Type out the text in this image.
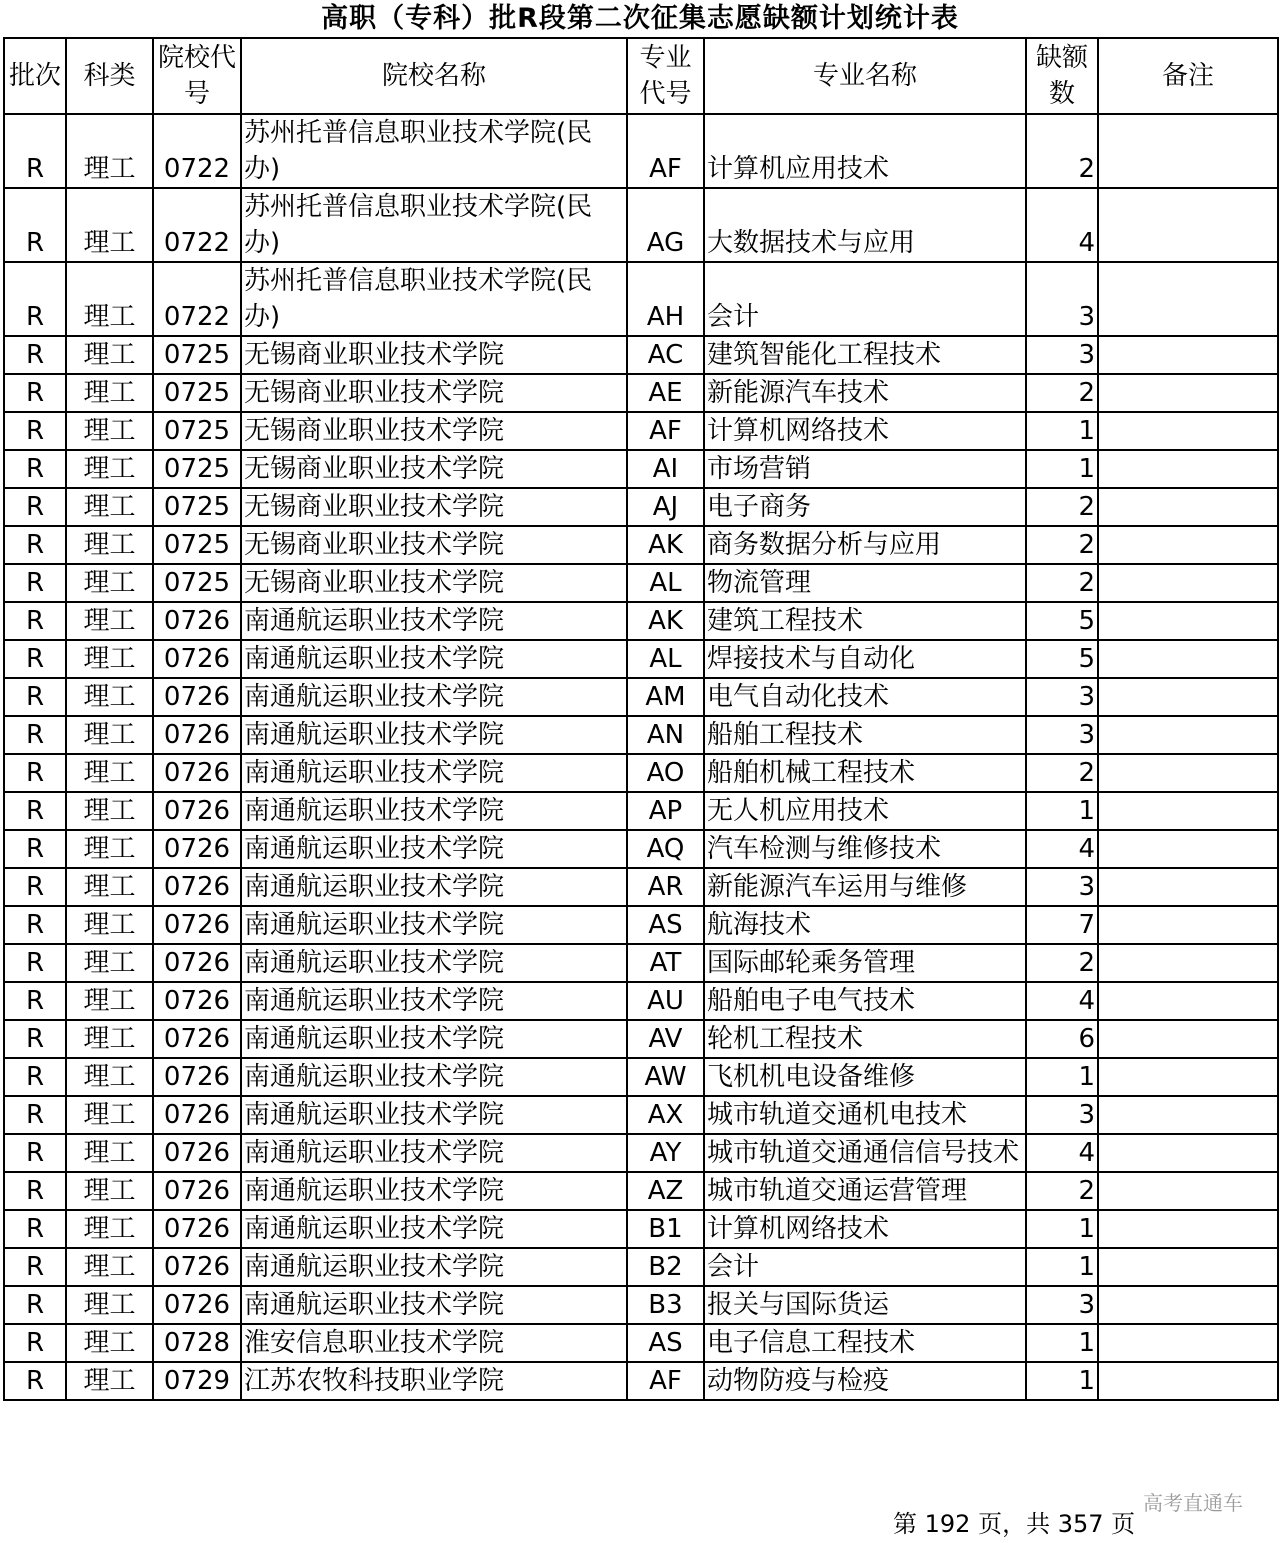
高职（专科）批R段第二次征集志愿缺额计划统计表
批次	科类	院校代号	院校名称	专业代号	专业名称	缺额数	备注
R	理工	0722	苏州托普信息职业技术学院(民办)	AF	计算机应用技术	2	
R	理工	0722	苏州托普信息职业技术学院(民办)	AG	大数据技术与应用	4	
R	理工	0722	苏州托普信息职业技术学院(民办)	AH	会计	3	
R	理工	0725	无锡商业职业技术学院	AC	建筑智能化工程技术	3	
R	理工	0725	无锡商业职业技术学院	AE	新能源汽车技术	2	
R	理工	0725	无锡商业职业技术学院	AF	计算机网络技术	1	
R	理工	0725	无锡商业职业技术学院	AI	市场营销	1	
R	理工	0725	无锡商业职业技术学院	AJ	电子商务	2	
R	理工	0725	无锡商业职业技术学院	AK	商务数据分析与应用	2	
R	理工	0725	无锡商业职业技术学院	AL	物流管理	2	
R	理工	0726	南通航运职业技术学院	AK	建筑工程技术	5	
R	理工	0726	南通航运职业技术学院	AL	焊接技术与自动化	5	
R	理工	0726	南通航运职业技术学院	AM	电气自动化技术	3	
R	理工	0726	南通航运职业技术学院	AN	船舶工程技术	3	
R	理工	0726	南通航运职业技术学院	AO	船舶机械工程技术	2	
R	理工	0726	南通航运职业技术学院	AP	无人机应用技术	1	
R	理工	0726	南通航运职业技术学院	AQ	汽车检测与维修技术	4	
R	理工	0726	南通航运职业技术学院	AR	新能源汽车运用与维修	3	
R	理工	0726	南通航运职业技术学院	AS	航海技术	7	
R	理工	0726	南通航运职业技术学院	AT	国际邮轮乘务管理	2	
R	理工	0726	南通航运职业技术学院	AU	船舶电子电气技术	4	
R	理工	0726	南通航运职业技术学院	AV	轮机工程技术	6	
R	理工	0726	南通航运职业技术学院	AW	飞机机电设备维修	1	
R	理工	0726	南通航运职业技术学院	AX	城市轨道交通机电技术	3	
R	理工	0726	南通航运职业技术学院	AY	城市轨道交通通信信号技术	4	
R	理工	0726	南通航运职业技术学院	AZ	城市轨道交通运营管理	2	
R	理工	0726	南通航运职业技术学院	B1	计算机网络技术	1	
R	理工	0726	南通航运职业技术学院	B2	会计	1	
R	理工	0726	南通航运职业技术学院	B3	报关与国际货运	3	
R	理工	0728	淮安信息职业技术学院	AS	电子信息工程技术	1	
R	理工	0729	江苏农牧科技职业学院	AF	动物防疫与检疫	1	
高考直通车
第 192 页，共 357 页
